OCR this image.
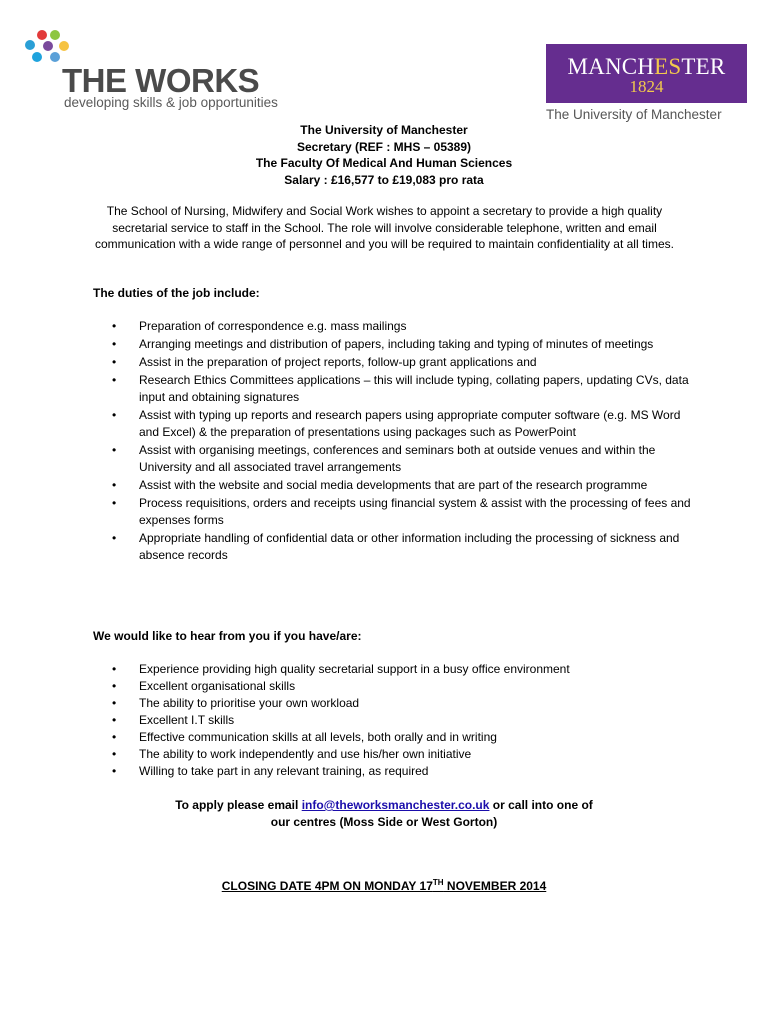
THE WORKS
developing skills & job opportunities
MANCHESTER
1824
The University of Manchester
The University of Manchester
Secretary (REF : MHS – 05389)
The Faculty Of Medical And Human Sciences
Salary : £16,577 to £19,083 pro rata
The School of Nursing, Midwifery and Social Work wishes to appoint a secretary to provide a high quality secretarial service to staff in the School. The role will involve considerable telephone, written and email communication with a wide range of personnel and you will be required to maintain confidentiality at all times.
The duties of the job include:
• Preparation of correspondence e.g. mass mailings
• Arranging meetings and distribution of papers, including taking and typing of minutes of meetings
• Assist in the preparation of project reports, follow-up grant applications and
• Research Ethics Committees applications – this will include typing, collating papers, updating CVs, data input and obtaining signatures
• Assist with typing up reports and research papers using appropriate computer software (e.g. MS Word and Excel) & the preparation of presentations using packages such as PowerPoint
• Assist with organising meetings, conferences and seminars both at outside venues and within the University and all associated travel arrangements
• Assist with the website and social media developments that are part of the research programme
• Process requisitions, orders and receipts using financial system & assist with the processing of fees and expenses forms
• Appropriate handling of confidential data or other information including the processing of sickness and absence records
We would like to hear from you if you have/are:
• Experience providing high quality secretarial support in a busy office environment
• Excellent organisational skills
• The ability to prioritise your own workload
• Excellent I.T skills
• Effective communication skills at all levels, both orally and in writing
• The ability to work independently and use his/her own initiative
• Willing to take part in any relevant training, as required
To apply please email info@theworksmanchester.co.uk or call into one of
our centres (Moss Side or West Gorton)
CLOSING DATE 4PM ON MONDAY 17TH NOVEMBER 2014
